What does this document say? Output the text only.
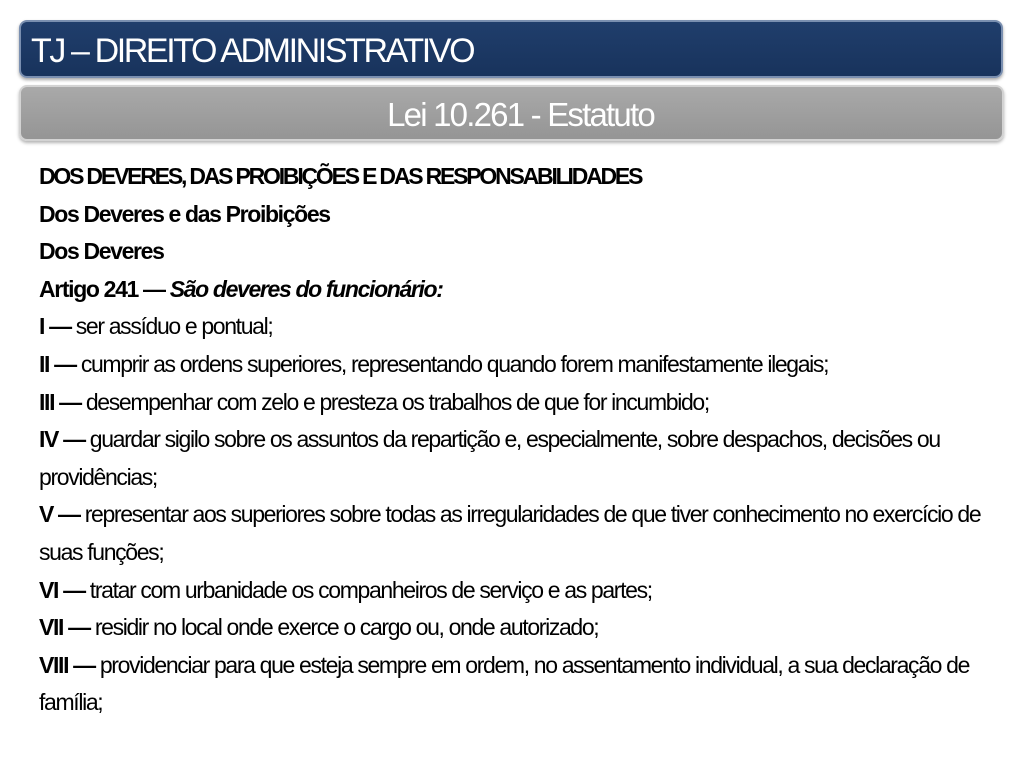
TJ – DIREITO ADMINISTRATIVO
Lei 10.261 - Estatuto

DOS DEVERES, DAS PROIBIÇÕES E DAS RESPONSABILIDADES

Dos Deveres e das Proibições

Dos Deveres

Artigo 241 — São deveres do funcionário:

I — ser assíduo e pontual;

II — cumprir as ordens superiores, representando quando forem manifestamente ilegais;

III — desempenhar com zelo e presteza os trabalhos de que for incumbido;

IV — guardar sigilo sobre os assuntos da repartição e, especialmente, sobre despachos, decisões ou providências;

V — representar aos superiores sobre todas as irregularidades de que tiver conhecimento no exercício de suas funções;

VI — tratar com urbanidade os companheiros de serviço e as partes;

VII — residir no local onde exerce o cargo ou, onde autorizado;

VIII — providenciar para que esteja sempre em ordem, no assentamento individual, a sua declaração de família;
